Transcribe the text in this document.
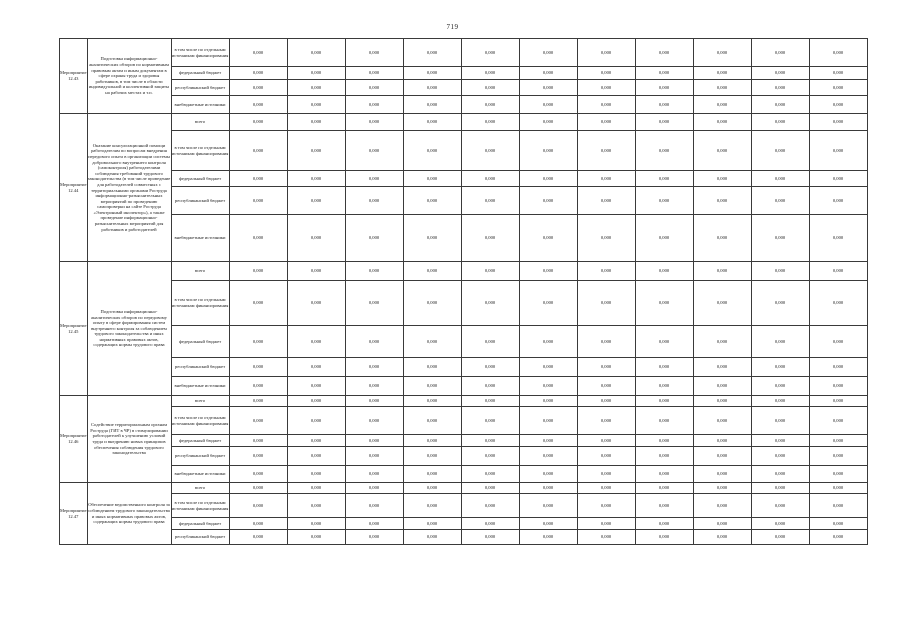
719
Мероприятие 12.43	Подготовка информационно-аналитических обзоров по нормативным правовым актам и иным документам в сфере охраны труда и здоровья работников, в том числе в области индивидуальной и коллективной защиты на рабочих местах и т.п.	в том числе по отдельным источникам финансирования	0,000	0,000	0,000	0,000	0,000	0,000	0,000	0,000	0,000	0,000	0,000
		федеральный бюджет	0,000	0,000	0,000	0,000	0,000	0,000	0,000	0,000	0,000	0,000	0,000
		республиканский бюджет	0,000	0,000	0,000	0,000	0,000	0,000	0,000	0,000	0,000	0,000	0,000
		внебюджетные источники	0,000	0,000	0,000	0,000	0,000	0,000	0,000	0,000	0,000	0,000	0,000
Мероприятие 12.44	Оказание консультационной помощи работодателям по вопросам внедрения передового опыта в организации системы добровольного внутреннего контроля (самоконтроля) работодателями соблюдения требований трудового законодательства (в том числе проведение для работодателей совместных с территориальными органами Роструда информационно-разъяснительных мероприятий по проведению самопроверки на сайте Роструда «Электронный инспектор»), а также проведение информационно-разъяснительных мероприятий для работников и работодателей	всего	0,000	0,000	0,000	0,000	0,000	0,000	0,000	0,000	0,000	0,000	0,000
		в том числе по отдельным источникам финансирования	0,000	0,000	0,000	0,000	0,000	0,000	0,000	0,000	0,000	0,000	0,000
		федеральный бюджет	0,000	0,000	0,000	0,000	0,000	0,000	0,000	0,000	0,000	0,000	0,000
		республиканский бюджет	0,000	0,000	0,000	0,000	0,000	0,000	0,000	0,000	0,000	0,000	0,000
		внебюджетные источники	0,000	0,000	0,000	0,000	0,000	0,000	0,000	0,000	0,000	0,000	0,000
Мероприятие 12.45	Подготовка информационно-аналитических обзоров по передовому опыту в сфере формирования систем внутреннего контроля за соблюдением трудового законодательства и иных нормативных правовых актов, содержащих нормы трудового права	всего	0,000	0,000	0,000	0,000	0,000	0,000	0,000	0,000	0,000	0,000	0,000
		в том числе по отдельным источникам финансирования	0,000	0,000	0,000	0,000	0,000	0,000	0,000	0,000	0,000	0,000	0,000
		федеральный бюджет	0,000	0,000	0,000	0,000	0,000	0,000	0,000	0,000	0,000	0,000	0,000
		республиканский бюджет	0,000	0,000	0,000	0,000	0,000	0,000	0,000	0,000	0,000	0,000	0,000
		внебюджетные источники	0,000	0,000	0,000	0,000	0,000	0,000	0,000	0,000	0,000	0,000	0,000
Мероприятие 12.46	Содействие территориальным органам Роструда (ГИТ в ЧР) в стимулировании работодателей к улучшению условий труда и внедрению новых принципов обеспечения соблюдения трудового законодательства	всего	0,000	0,000	0,000	0,000	0,000	0,000	0,000	0,000	0,000	0,000	0,000
		в том числе по отдельным источникам финансирования	0,000	0,000	0,000	0,000	0,000	0,000	0,000	0,000	0,000	0,000	0,000
		федеральный бюджет	0,000	0,000	0,000	0,000	0,000	0,000	0,000	0,000	0,000	0,000	0,000
		республиканский бюджет	0,000	0,000	0,000	0,000	0,000	0,000	0,000	0,000	0,000	0,000	0,000
		внебюджетные источники	0,000	0,000	0,000	0,000	0,000	0,000	0,000	0,000	0,000	0,000	0,000
Мероприятие 12.47	Обеспечение ведомственного контроля за соблюдением трудового законодательства и иных нормативных правовых актов, содержащих нормы трудового права	всего	0,000	0,000	0,000	0,000	0,000	0,000	0,000	0,000	0,000	0,000	0,000
		в том числе по отдельным источникам финансирования	0,000	0,000	0,000	0,000	0,000	0,000	0,000	0,000	0,000	0,000	0,000
		федеральный бюджет	0,000	0,000	0,000	0,000	0,000	0,000	0,000	0,000	0,000	0,000	0,000
		республиканский бюджет	0,000	0,000	0,000	0,000	0,000	0,000	0,000	0,000	0,000	0,000	0,000
